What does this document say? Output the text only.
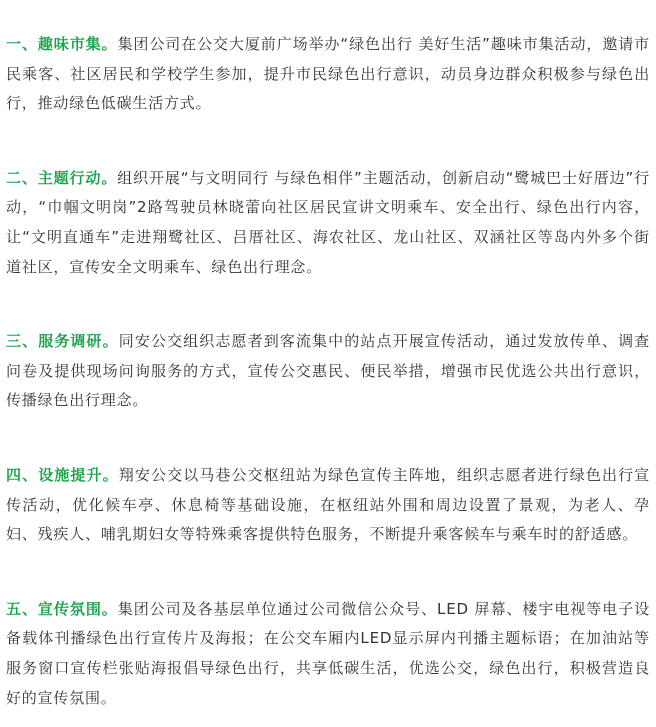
一、趣味市集。集团公司在公交大厦前广场举办“绿色出行 美好生活”趣味市集活动，邀请市民乘客、社区居民和学校学生参加，提升市民绿色出行意识，动员身边群众积极参与绿色出行，推动绿色低碳生活方式。

二、主题行动。组织开展“与文明同行 与绿色相伴”主题活动，创新启动“鹭城巴士好厝边”行动，“巾帼文明岗”2路驾驶员林晓蕾向社区居民宣讲文明乘车、安全出行、绿色出行内容，让“文明直通车”走进翔鹭社区、吕厝社区、海农社区、龙山社区、双涵社区等岛内外多个街道社区，宣传安全文明乘车、绿色出行理念。

三、服务调研。同安公交组织志愿者到客流集中的站点开展宣传活动，通过发放传单、调查问卷及提供现场问询服务的方式，宣传公交惠民、便民举措，增强市民优选公共出行意识，传播绿色出行理念。

四、设施提升。翔安公交以马巷公交枢纽站为绿色宣传主阵地，组织志愿者进行绿色出行宣传活动，优化候车亭、休息椅等基础设施，在枢纽站外围和周边设置了景观，为老人、孕妇、残疾人、哺乳期妇女等特殊乘客提供特色服务，不断提升乘客候车与乘车时的舒适感。

五、宣传氛围。集团公司及各基层单位通过公司微信公众号、LED 屏幕、楼宇电视等电子设备载体刊播绿色出行宣传片及海报；在公交车厢内LED显示屏内刊播主题标语；在加油站等服务窗口宣传栏张贴海报倡导绿色出行，共享低碳生活，优选公交，绿色出行，积极营造良好的宣传氛围。
